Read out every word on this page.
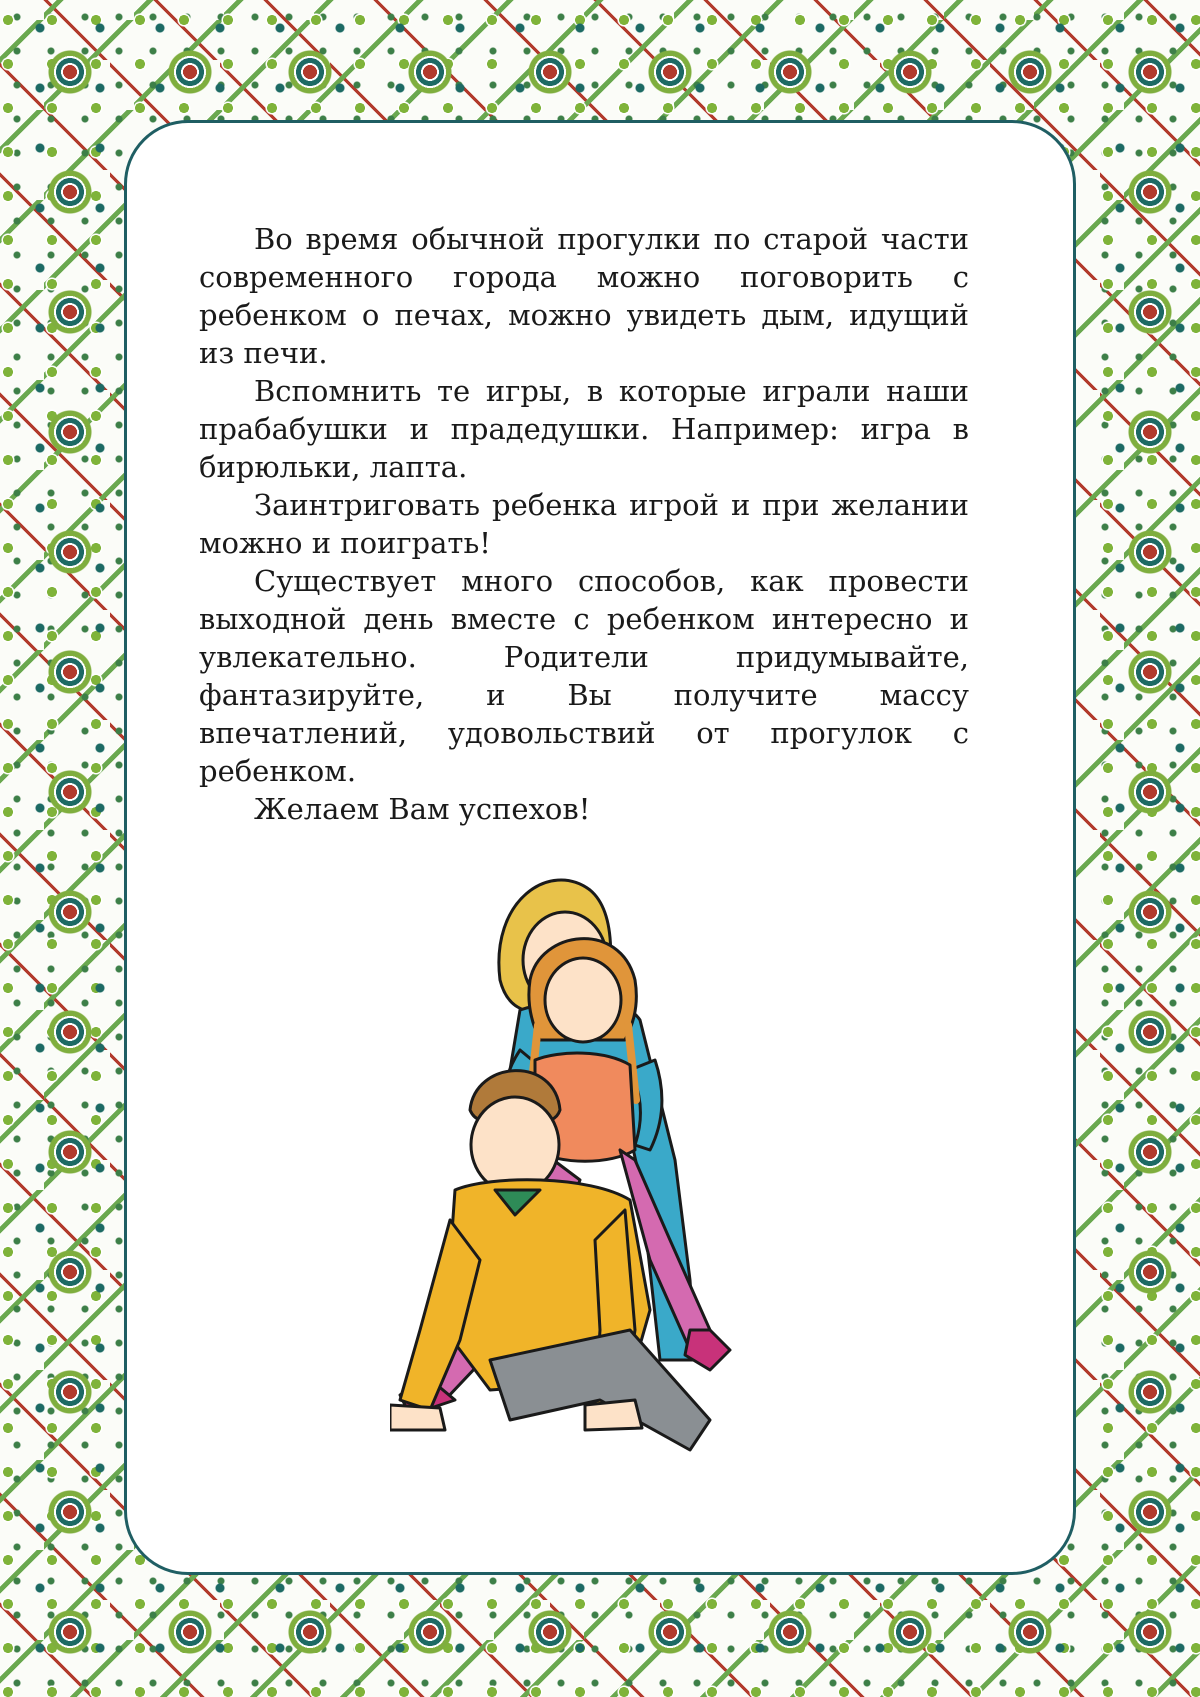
Во время обычной прогулки по старой части современного города можно поговорить с ребенком о печах, можно увидеть дым, идущий из печи.

Вспомнить те игры, в которые играли наши прабабушки и прадедушки. Например: игра в бирюльки, лапта.

Заинтриговать ребенка игрой и при желании можно и поиграть!

Существует много способов, как провести выходной день вместе с ребенком интересно и увлекательно. Родители придумывайте, фантазируйте, и Вы получите массу впечатлений, удовольствий от прогулок с ребенком.

Желаем Вам успехов!
